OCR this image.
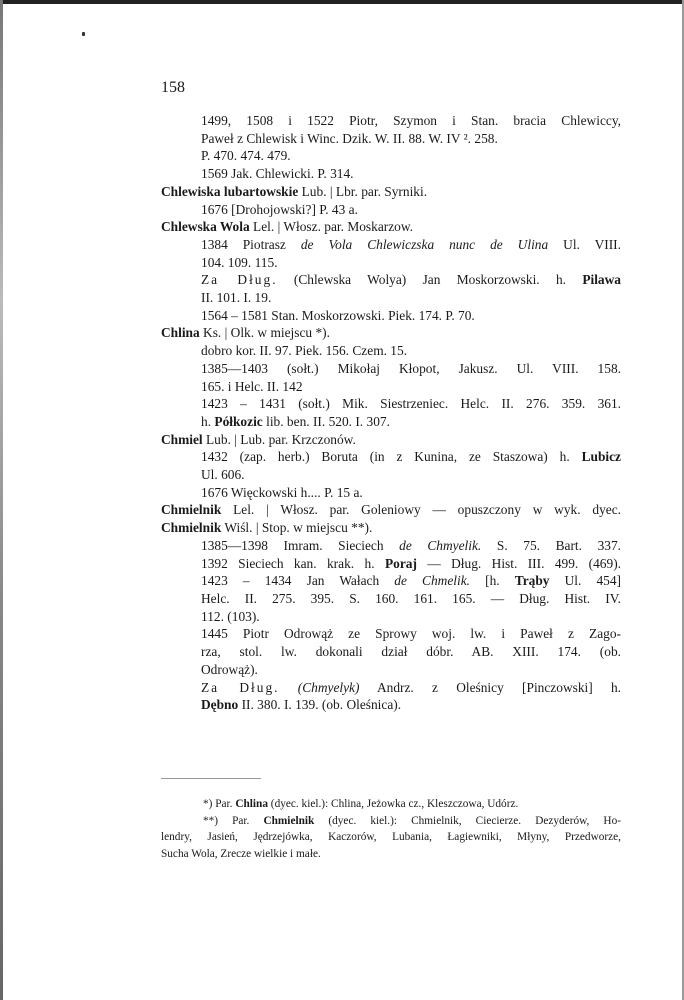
158
1499, 1508 i 1522 Piotr, Szymon i Stan. bracia Chlewiccy,
Paweł z Chlewisk i Winc. Dzik. W. II. 88. W. IV ². 258.
P. 470. 474. 479.
1569 Jak. Chlewicki. P. 314.
Chlewiska lubartowskie Lub. | Lbr. par. Syrniki.
1676 [Drohojowski?] P. 43 a.
Chlewska Wola Lel. | Włosz. par. Moskarzow.
1384 Piotrasz de Vola Chlewiczska nunc de Ulina Ul. VIII.
104. 109. 115.
Za Dług. (Chlewska Wolya) Jan Moskorzowski. h. Pilawa
II. 101. I. 19.
1564 – 1581 Stan. Moskorzowski. Piek. 174. P. 70.
Chlina Ks. | Olk. w miejscu *).
dobro kor. II. 97. Piek. 156. Czem. 15.
1385—1403 (sołt.) Mikołaj Kłopot, Jakusz. Ul. VIII. 158.
165. i Helc. II. 142
1423 – 1431 (sołt.) Mik. Siestrzeniec. Helc. II. 276. 359. 361.
h. Półkozic lib. ben. II. 520. I. 307.
Chmiel Lub. | Lub. par. Krzczonów.
1432 (zap. herb.) Boruta (in z Kunina, ze Staszowa) h. Lubicz
Ul. 606.
1676 Więckowski h.... P. 15 a.
Chmielnik Lel. | Włosz. par. Goleniowy — opuszczony w wyk. dyec.
Chmielnik Wiśl. | Stop. w miejscu **).
1385—1398 Imram. Sieciech de Chmyelik. S. 75. Bart. 337.
1392 Sieciech kan. krak. h. Poraj — Dług. Hist. III. 499. (469).
1423 – 1434 Jan Wałach de Chmelik. [h. Trąby Ul. 454]
Helc. II. 275. 395. S. 160. 161. 165. — Dług. Hist. IV.
112. (103).
1445 Piotr Odrowąż ze Sprowy woj. lw. i Paweł z Zago-
rza, stol. lw. dokonali dział dóbr. AB. XIII. 174. (ob.
Odrowąż).
Za Dług. (Chmyelyk) Andrz. z Oleśnicy [Pinczowski] h.
Dębno II. 380. I. 139. (ob. Oleśnica).
*) Par. Chlina (dyec. kiel.): Chlina, Jeżowka cz., Kleszczowa, Udórz.
**) Par. Chmielnik (dyec. kiel.): Chmielnik, Ciecierze. Dezyderów, Ho-
lendry, Jasień, Jędrzejówka, Kaczorów, Lubania, Łagiewniki, Młyny, Przedworze,
Sucha Wola, Zrecze wielkie i małe.
